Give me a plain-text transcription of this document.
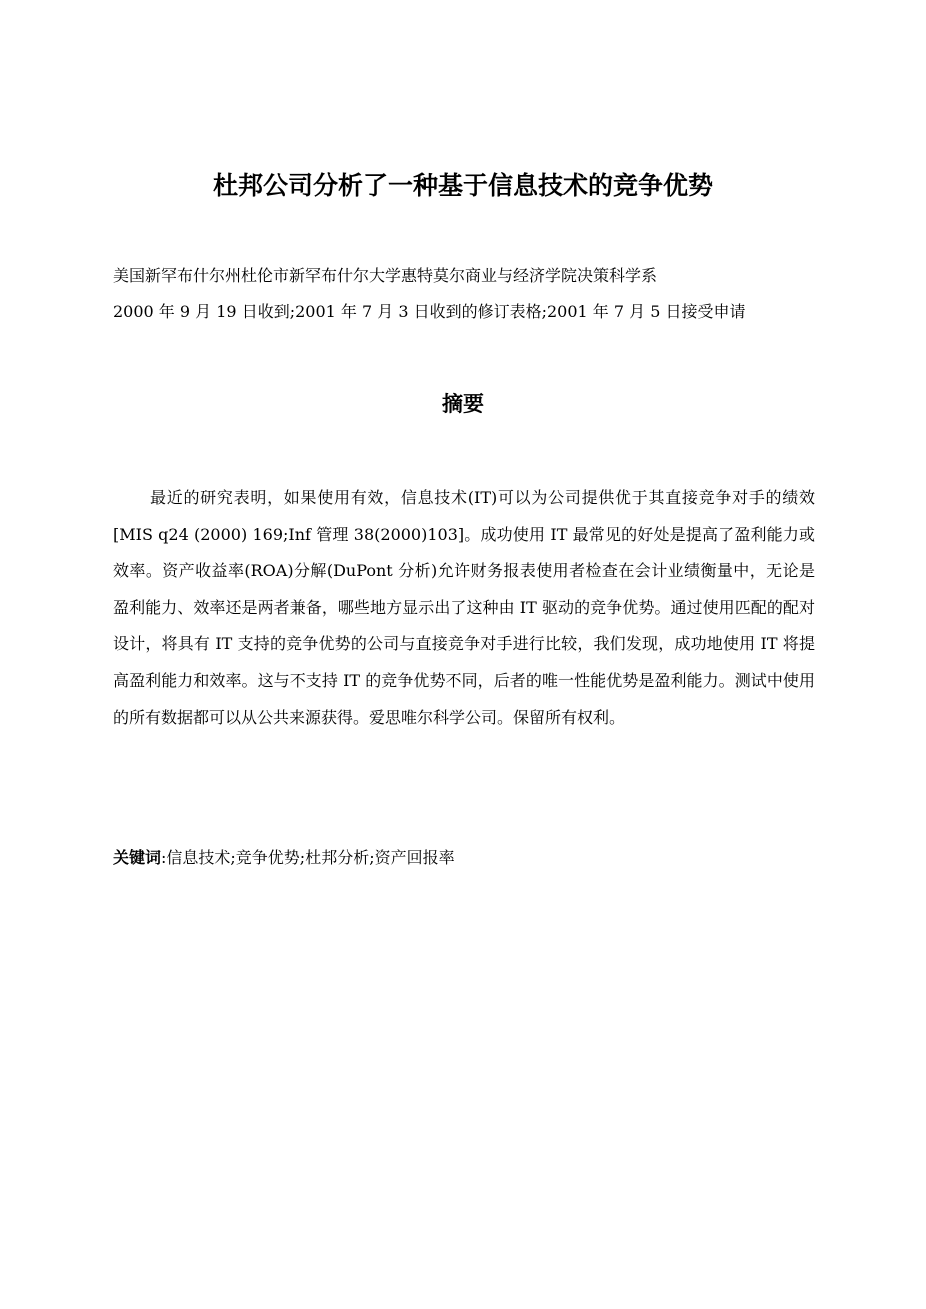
杜邦公司分析了一种基于信息技术的竞争优势

美国新罕布什尔州杜伦市新罕布什尔大学惠特莫尔商业与经济学院决策科学系

2000 年 9 月 19 日收到;2001 年 7 月 3 日收到的修订表格;2001 年 7 月 5 日接受申请

摘要

最近的研究表明，如果使用有效，信息技术(IT)可以为公司提供优于其直接竞争对手的绩效[MIS q24 (2000) 169;Inf 管理 38(2000)103]。成功使用 IT 最常见的好处是提高了盈利能力或效率。资产收益率(ROA)分解(DuPont 分析)允许财务报表使用者检查在会计业绩衡量中，无论是盈利能力、效率还是两者兼备，哪些地方显示出了这种由 IT 驱动的竞争优势。通过使用匹配的配对设计，将具有 IT 支持的竞争优势的公司与直接竞争对手进行比较，我们发现，成功地使用 IT 将提高盈利能力和效率。这与不支持 IT 的竞争优势不同，后者的唯一性能优势是盈利能力。测试中使用的所有数据都可以从公共来源获得。爱思唯尔科学公司。保留所有权利。

关键词:信息技术;竞争优势;杜邦分析;资产回报率
